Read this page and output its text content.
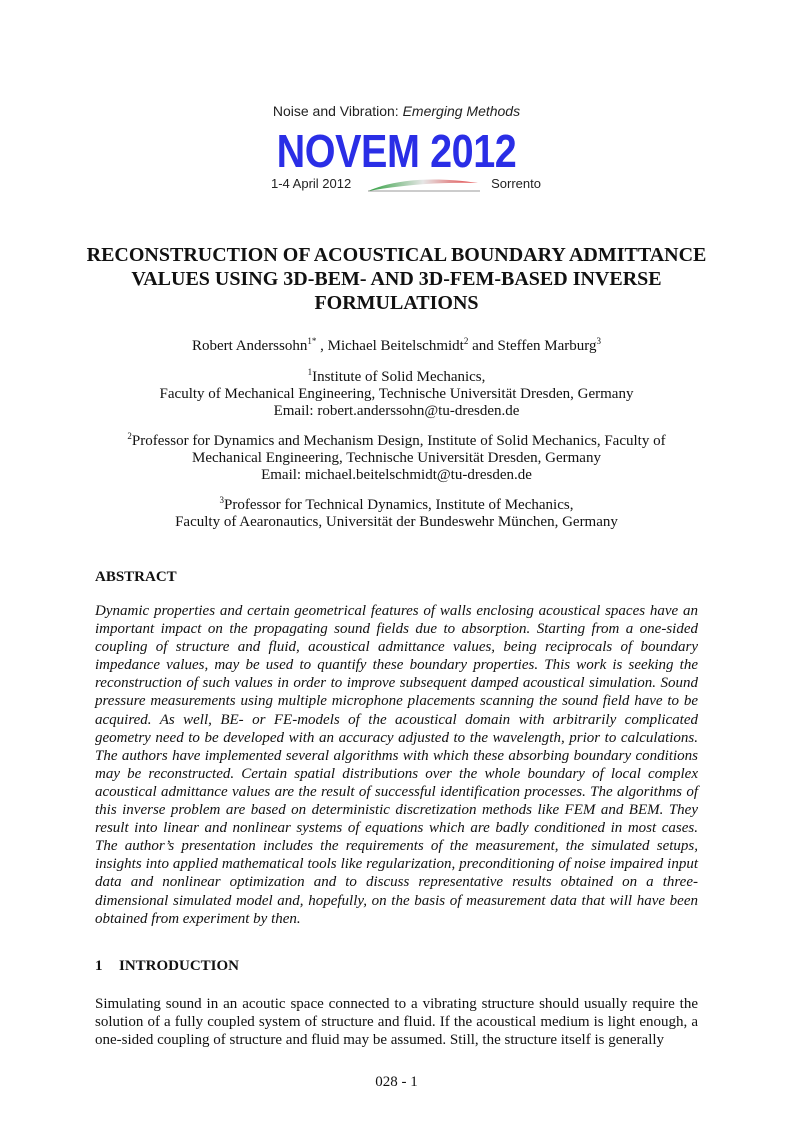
Noise and Vibration: Emerging Methods
NOVEM 2012
1-4 April 2012	Sorrento
RECONSTRUCTION OF ACOUSTICAL BOUNDARY ADMITTANCE VALUES USING 3D-BEM- AND 3D-FEM-BASED INVERSE FORMULATIONS
Robert Anderssohn$^{1*}$ , Michael Beitelschmidt$^2$ and Steffen Marburg$^3$
$^1$Institute of Solid Mechanics,
Faculty of Mechanical Engineering, Technische Universität Dresden, Germany
Email: robert.anderssohn@tu-dresden.de
$^2$Professor for Dynamics and Mechanism Design, Institute of Solid Mechanics, Faculty of
Mechanical Engineering, Technische Universität Dresden, Germany
Email: michael.beitelschmidt@tu-dresden.de
$^3$Professor for Technical Dynamics, Institute of Mechanics,
Faculty of Aearonautics, Universität der Bundeswehr München, Germany
ABSTRACT

Dynamic properties and certain geometrical features of walls enclosing acoustical spaces have an important impact on the propagating sound fields due to absorption. Starting from a one-sided coupling of structure and fluid, acoustical admittance values, being reciprocals of boundary impedance values, may be used to quantify these boundary properties. This work is seeking the reconstruction of such values in order to improve subsequent damped acoustical simulation. Sound pressure measurements using multiple microphone placements scanning the sound field have to be acquired. As well, BE- or FE-models of the acoustical domain with arbitrarily complicated geometry need to be developed with an accuracy adjusted to the wavelength, prior to calculations. The authors have implemented several algorithms with which these absorbing boundary conditions may be reconstructed. Certain spatial distributions over the whole boundary of local complex acoustical admittance values are the result of successful identification processes. The algorithms of this inverse problem are based on deterministic discretization methods like FEM and BEM. They result into linear and nonlinear systems of equations which are badly conditioned in most cases. The author’s presentation includes the requirements of the measurement, the simulated setups, insights into applied mathematical tools like regularization, preconditioning of noise impaired input data and nonlinear optimization and to discuss representative results obtained on a three-dimensional simulated model and, hopefully, on the basis of measurement data that will have been obtained from experiment by then.

1 INTRODUCTION

Simulating sound in an acoutic space connected to a vibrating structure should usually require the solution of a fully coupled system of structure and fluid. If the acoustical medium is light enough, a one-sided coupling of structure and fluid may be assumed. Still, the structure itself is generally

028 - 1
